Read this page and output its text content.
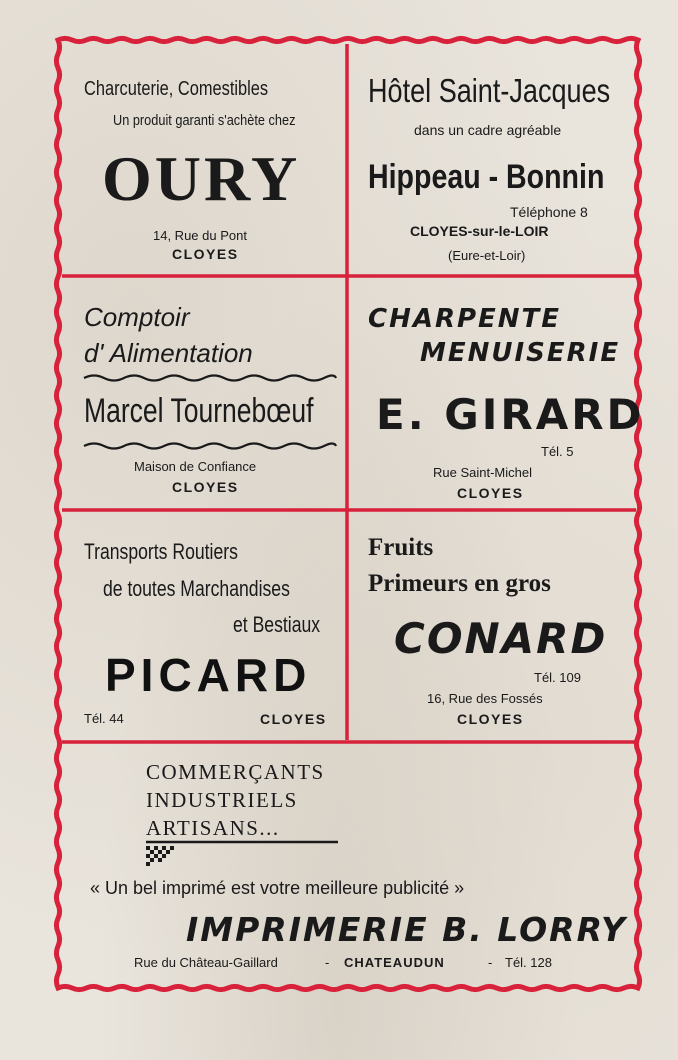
Charcuterie, Comestibles
Un produit garanti s'achète chez
OURY
14, Rue du Pont
CLOYES
Hôtel Saint-Jacques
dans un cadre agréable
Hippeau - Bonnin
Téléphone 8
CLOYES-sur-le-LOIR
(Eure-et-Loir)
Comptoir
d' Alimentation
Marcel Tournebœuf
Maison de Confiance
CLOYES
CHARPENTE
MENUISERIE
E. GIRARD
Tél. 5
Rue Saint-Michel
CLOYES
Transports Routiers
de toutes Marchandises
et Bestiaux
PICARD
Tél. 44	CLOYES
Fruits
Primeurs en gros
CONARD
Tél. 109
16, Rue des Fossés
CLOYES
COMMERÇANTS
INDUSTRIELS
ARTISANS...
« Un bel imprimé est votre meilleure publicité »
IMPRIMERIE B. LORRY
Rue du Château-Gaillard	- CHATEAUDUN	- Tél. 128
